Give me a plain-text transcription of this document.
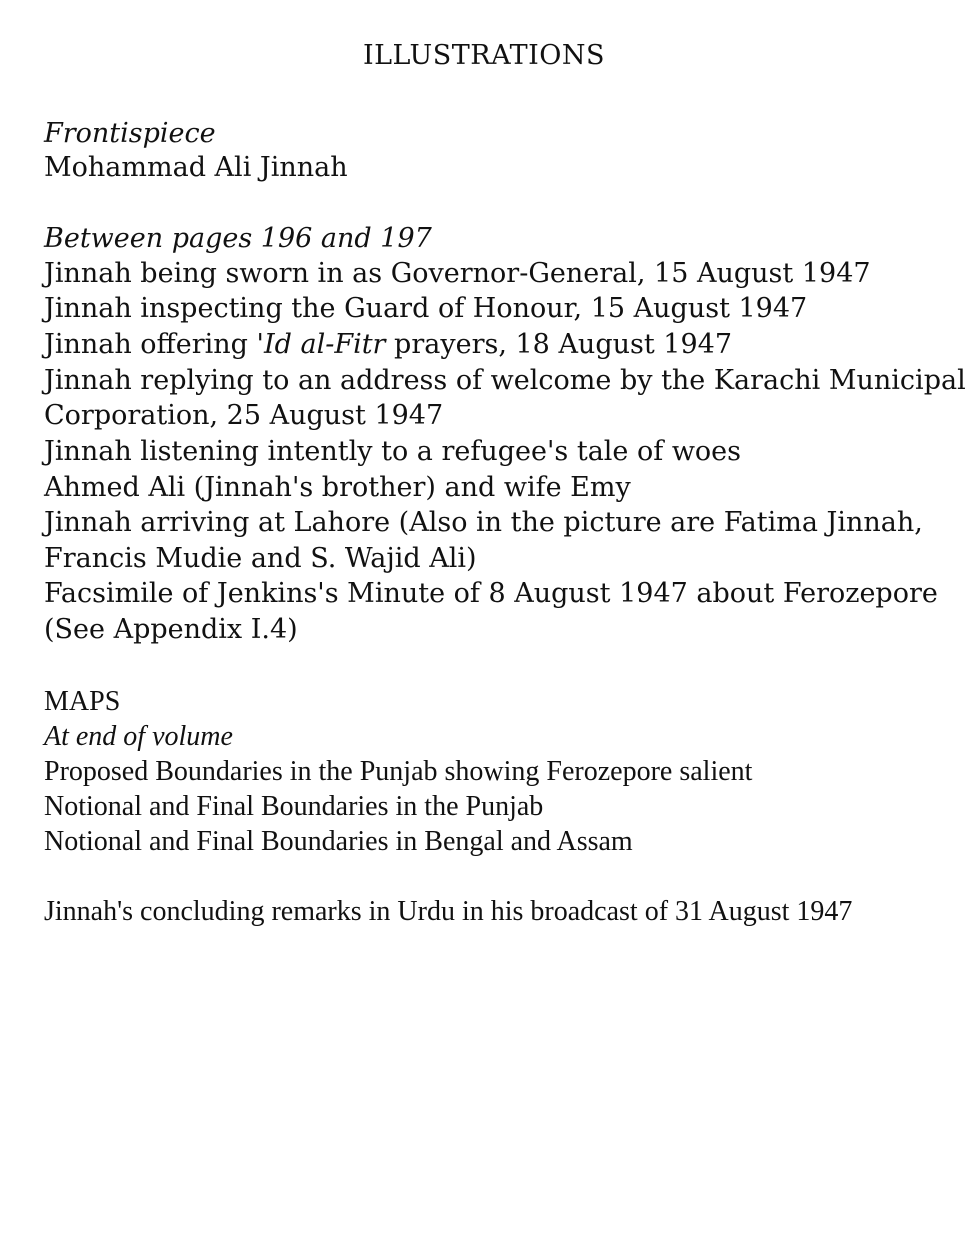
ILLUSTRATIONS
Frontispiece
Mohammad Ali Jinnah
Between pages 196 and 197
Jinnah being sworn in as Governor-General, 15 August 1947
Jinnah inspecting the Guard of Honour, 15 August 1947
Jinnah offering 'Id al-Fitr prayers, 18 August 1947
Jinnah replying to an address of welcome by the Karachi Municipal
Corporation, 25 August 1947
Jinnah listening intently to a refugee's tale of woes
Ahmed Ali (Jinnah's brother) and wife Emy
Jinnah arriving at Lahore (Also in the picture are Fatima Jinnah,
Francis Mudie and S. Wajid Ali)
Facsimile of Jenkins's Minute of 8 August 1947 about Ferozepore
(See Appendix I.4)
MAPS
At end of volume
Proposed Boundaries in the Punjab showing Ferozepore salient
Notional and Final Boundaries in the Punjab
Notional and Final Boundaries in Bengal and Assam
Jinnah's concluding remarks in Urdu in his broadcast of 31 August 1947
